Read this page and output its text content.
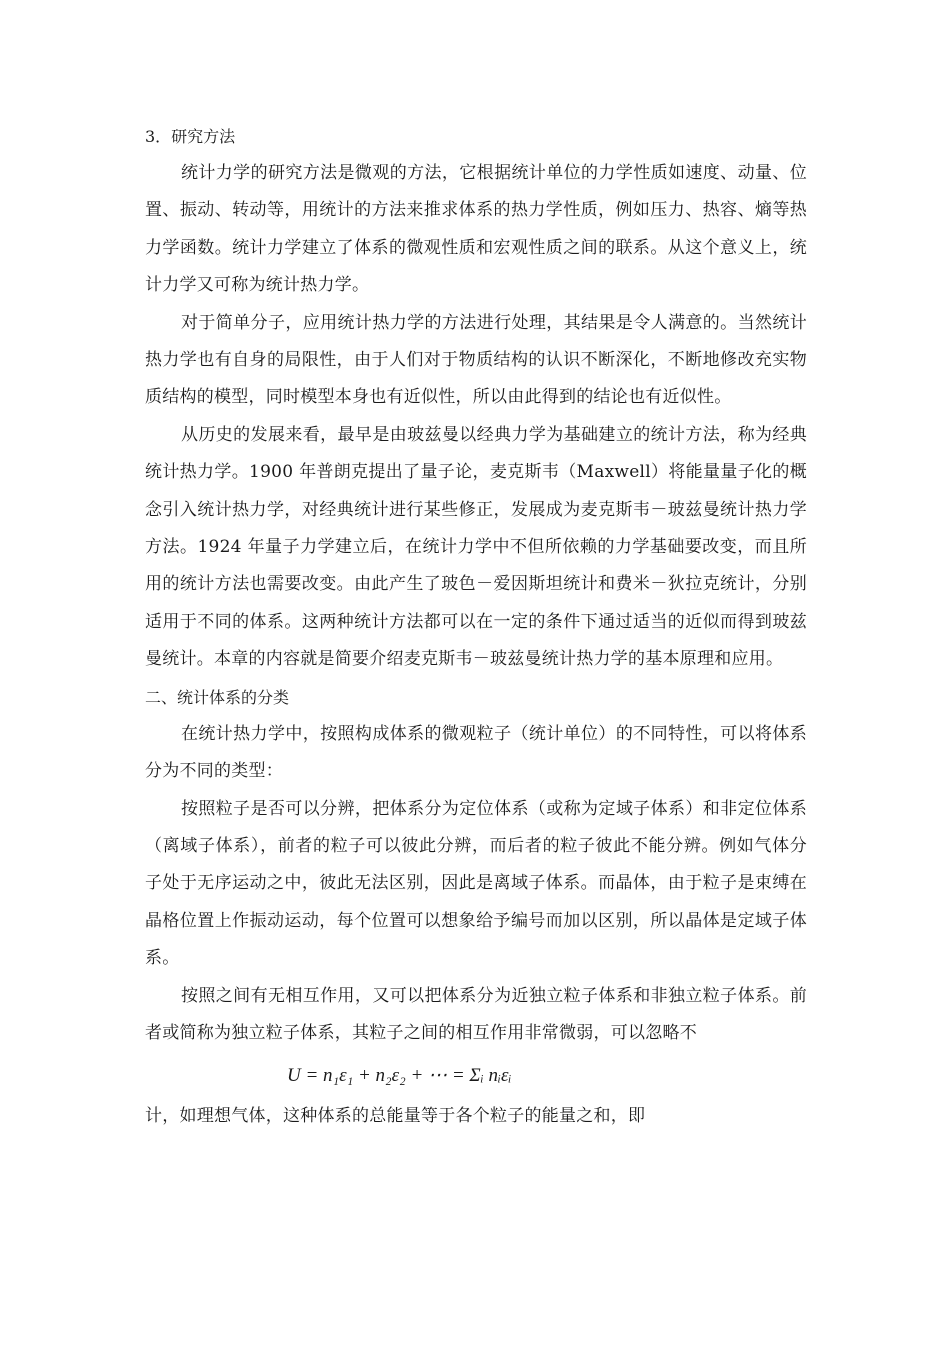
3．研究方法

统计力学的研究方法是微观的方法，它根据统计单位的力学性质如速度、动量、位置、振动、转动等，用统计的方法来推求体系的热力学性质，例如压力、热容、熵等热力学函数。统计力学建立了体系的微观性质和宏观性质之间的联系。从这个意义上，统计力学又可称为统计热力学。

对于简单分子，应用统计热力学的方法进行处理，其结果是令人满意的。当然统计热力学也有自身的局限性，由于人们对于物质结构的认识不断深化，不断地修改充实物质结构的模型，同时模型本身也有近似性，所以由此得到的结论也有近似性。

从历史的发展来看，最早是由玻兹曼以经典力学为基础建立的统计方法，称为经典统计热力学。1900 年普朗克提出了量子论，麦克斯韦（Maxwell）将能量量子化的概念引入统计热力学，对经典统计进行某些修正，发展成为麦克斯韦－玻兹曼统计热力学方法。1924 年量子力学建立后，在统计力学中不但所依赖的力学基础要改变，而且所用的统计方法也需要改变。由此产生了玻色－爱因斯坦统计和费米－狄拉克统计，分别适用于不同的体系。这两种统计方法都可以在一定的条件下通过适当的近似而得到玻兹曼统计。本章的内容就是简要介绍麦克斯韦－玻兹曼统计热力学的基本原理和应用。

二、统计体系的分类

在统计热力学中，按照构成体系的微观粒子（统计单位）的不同特性，可以将体系分为不同的类型：

按照粒子是否可以分辨，把体系分为定位体系（或称为定域子体系）和非定位体系（离域子体系），前者的粒子可以彼此分辨，而后者的粒子彼此不能分辨。例如气体分子处于无序运动之中，彼此无法区别，因此是离域子体系。而晶体，由于粒子是束缚在晶格位置上作振动运动，每个位置可以想象给予编号而加以区别，所以晶体是定域子体系。

按照之间有无相互作用，又可以把体系分为近独立粒子体系和非独立粒子体系。前者或简称为独立粒子体系，其粒子之间的相互作用非常微弱，可以忽略不

U = n₁ε₁ + n₂ε₂ + ⋯ = Σᵢ nᵢεᵢ

计，如理想气体，这种体系的总能量等于各个粒子的能量之和，即
